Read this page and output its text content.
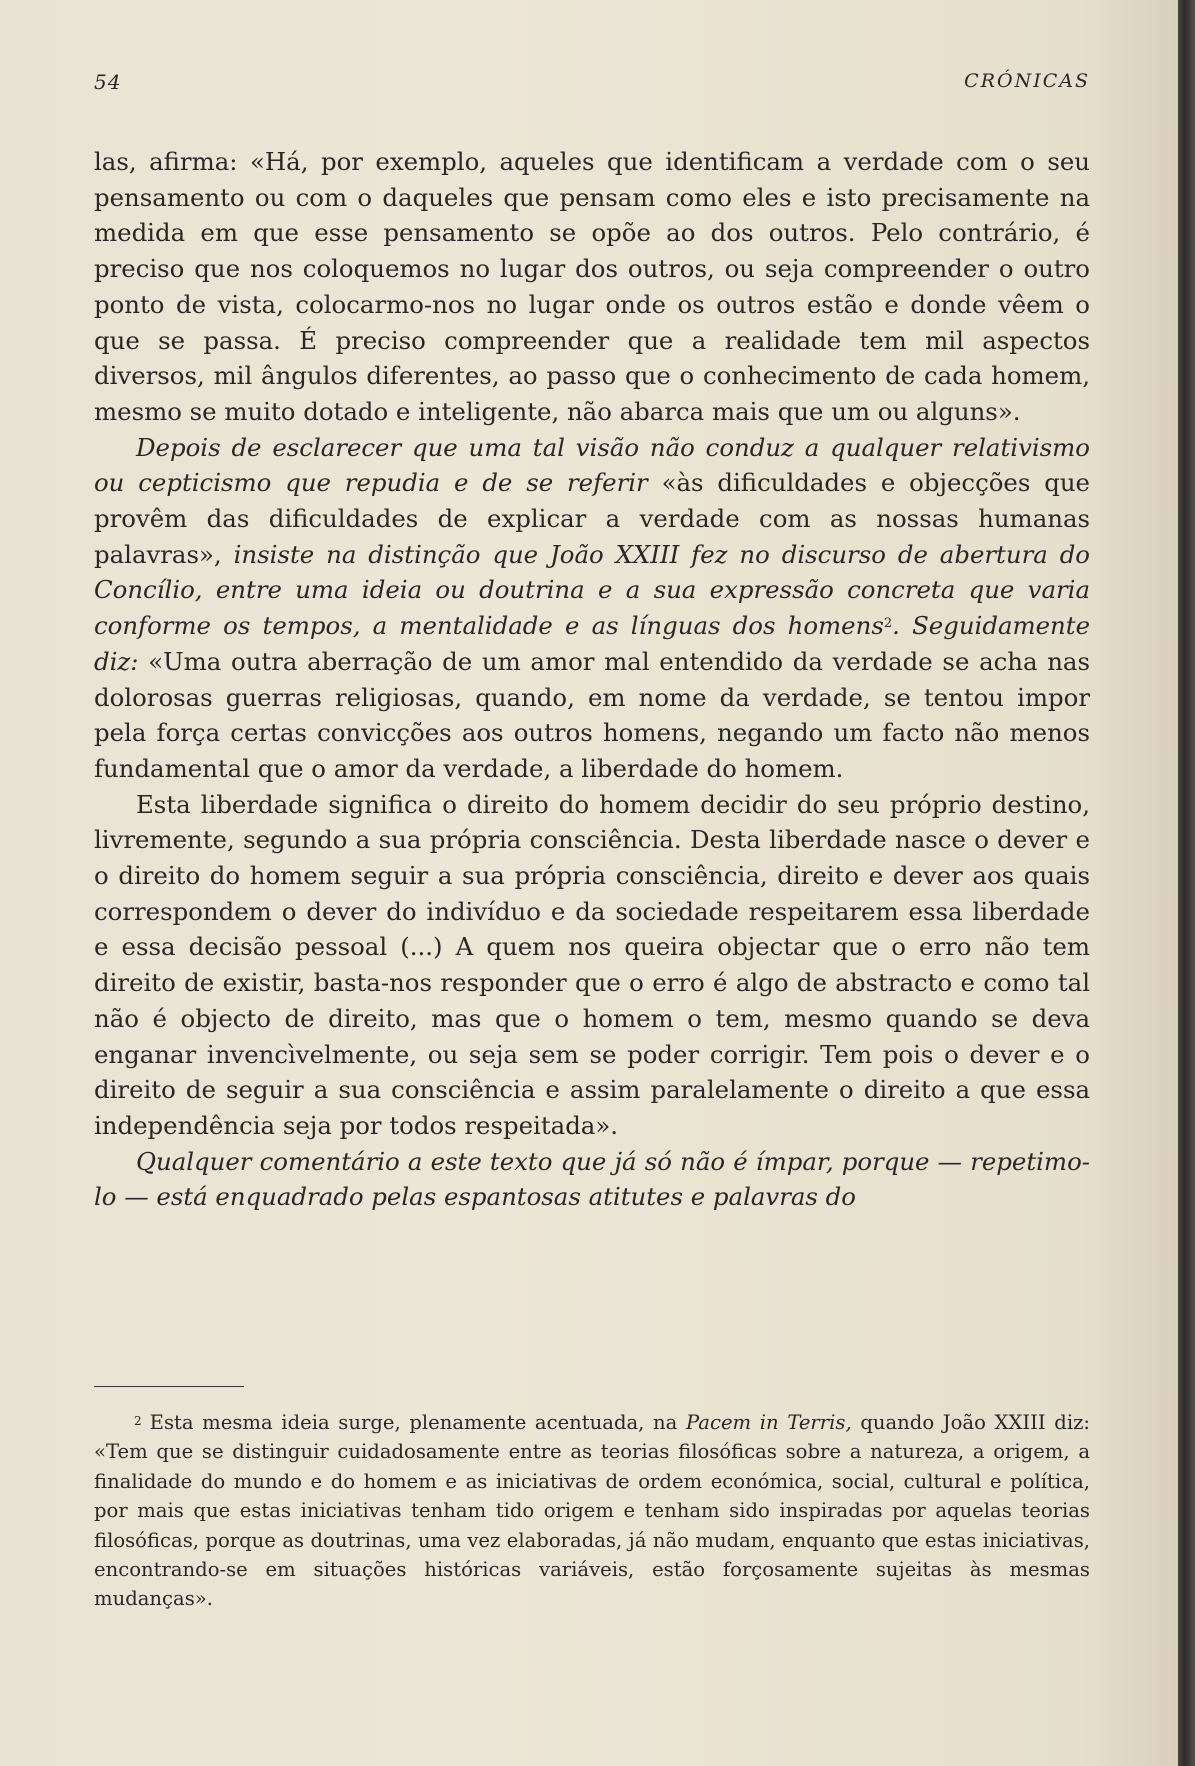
54	CRÓNICAS

las, afirma: «Há, por exemplo, aqueles que identificam a verdade com o seu pensamento ou com o daqueles que pensam como eles e isto precisamente na medida em que esse pensamento se opõe ao dos outros. Pelo contrário, é preciso que nos coloquemos no lugar dos outros, ou seja compreender o outro ponto de vista, colocarmo-nos no lugar onde os outros estão e donde vêem o que se passa. É preciso compreender que a realidade tem mil aspectos diversos, mil ângulos diferentes, ao passo que o conhecimento de cada homem, mesmo se muito dotado e inteligente, não abarca mais que um ou alguns».

Depois de esclarecer que uma tal visão não conduz a qualquer relativismo ou cepticismo que repudia e de se referir «às dificuldades e objecções que provêm das dificuldades de explicar a verdade com as nossas humanas palavras», insiste na distinção que João XXIII fez no discurso de abertura do Concílio, entre uma ideia ou doutrina e a sua expressão concreta que varia conforme os tempos, a mentalidade e as línguas dos homens$^2$. Seguidamente diz: «Uma outra aberração de um amor mal entendido da verdade se acha nas dolorosas guerras religiosas, quando, em nome da verdade, se tentou impor pela força certas convicções aos outros homens, negando um facto não menos fundamental que o amor da verdade, a liberdade do homem.

Esta liberdade significa o direito do homem decidir do seu próprio destino, livremente, segundo a sua própria consciência. Desta liberdade nasce o dever e o direito do homem seguir a sua própria consciência, direito e dever aos quais correspondem o dever do indivíduo e da sociedade respeitarem essa liberdade e essa decisão pessoal (...) A quem nos queira objectar que o erro não tem direito de existir, basta-nos responder que o erro é algo de abstracto e como tal não é objecto de direito, mas que o homem o tem, mesmo quando se deva enganar invencìvelmente, ou seja sem se poder corrigir. Tem pois o dever e o direito de seguir a sua consciência e assim paralelamente o direito a que essa independência seja por todos respeitada».

Qualquer comentário a este texto que já só não é ímpar, porque — repetimo-lo — está enquadrado pelas espantosas atitutes e palavras do

$^2$ Esta mesma ideia surge, plenamente acentuada, na Pacem in Terris, quando João XXIII diz: «Tem que se distinguir cuidadosamente entre as teorias filosóficas sobre a natureza, a origem, a finalidade do mundo e do homem e as iniciativas de ordem económica, social, cultural e política, por mais que estas iniciativas tenham tido origem e tenham sido inspiradas por aquelas teorias filosóficas, porque as doutrinas, uma vez elaboradas, já não mudam, enquanto que estas iniciativas, encontrando-se em situações históricas variáveis, estão forçosamente sujeitas às mesmas mudanças».
